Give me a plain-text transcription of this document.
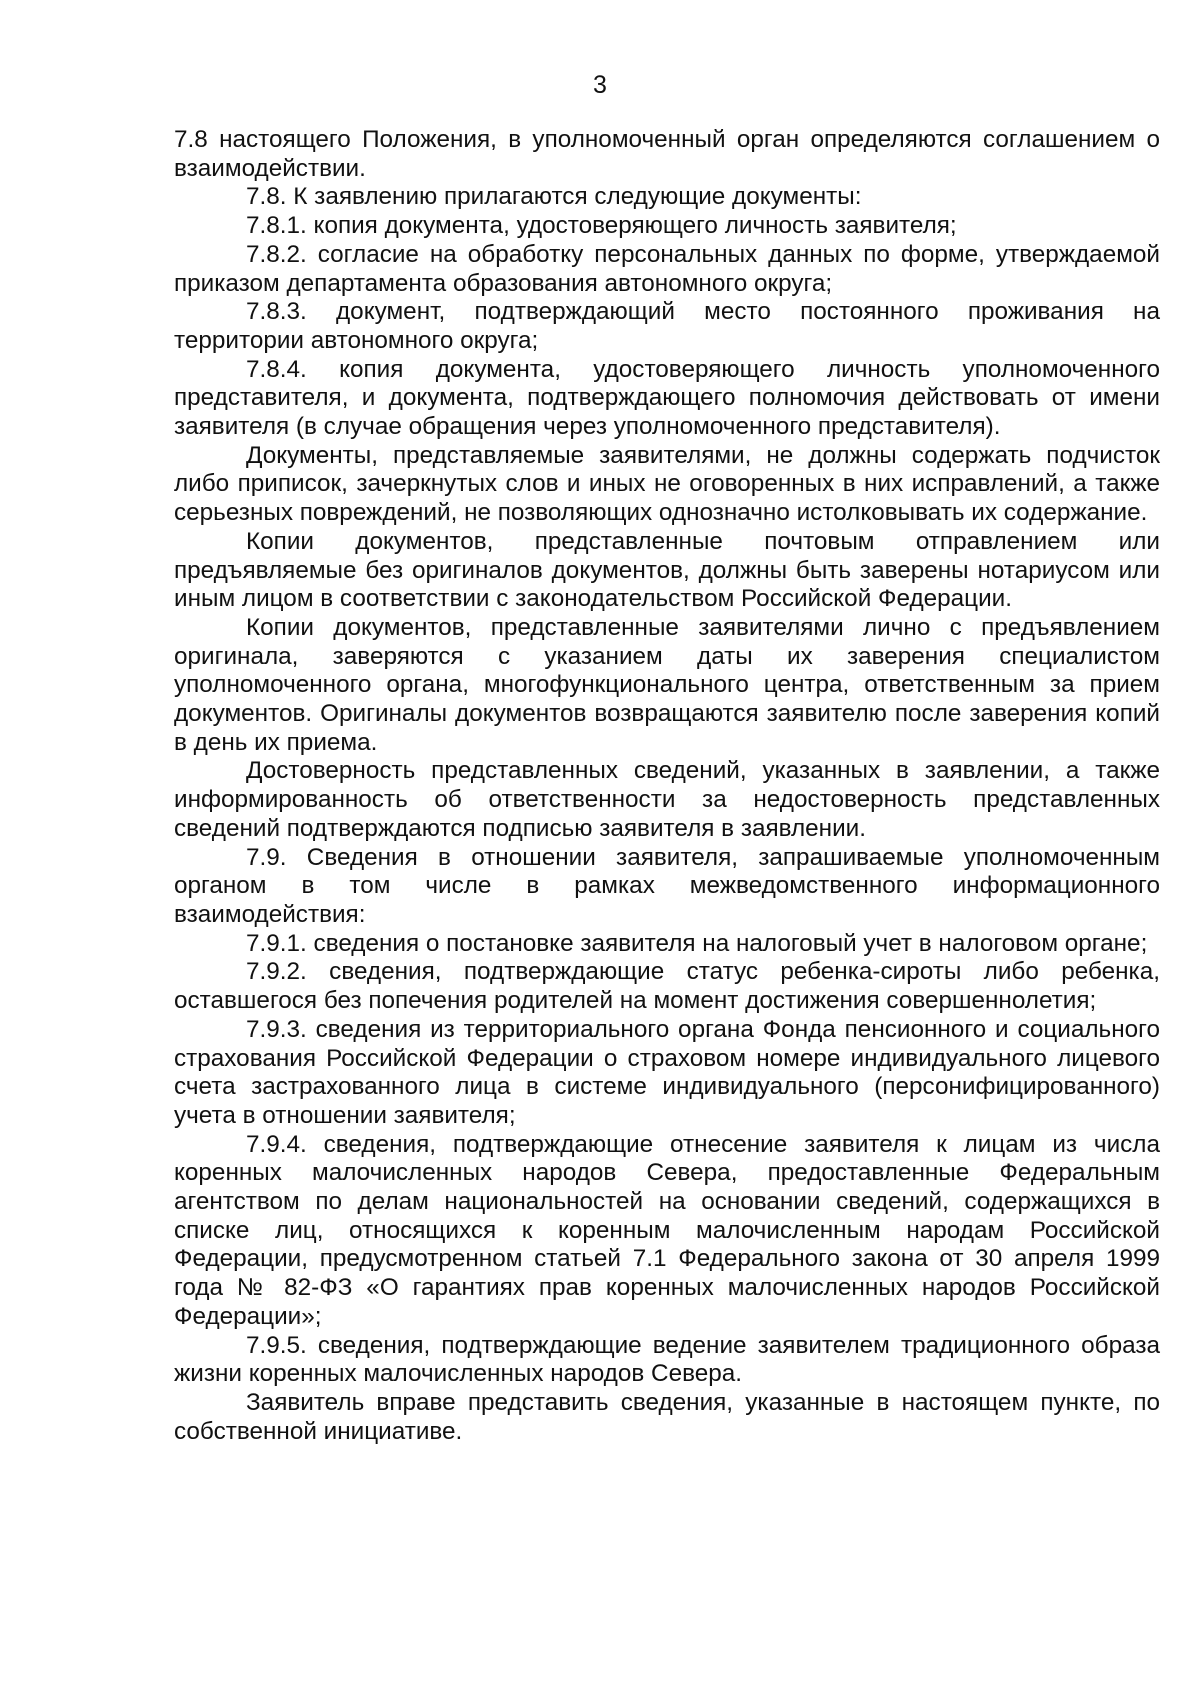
3

7.8 настоящего Положения, в уполномоченный орган определяются соглашением о взаимодействии.

7.8. К заявлению прилагаются следующие документы:

7.8.1. копия документа, удостоверяющего личность заявителя;

7.8.2. согласие на обработку персональных данных по форме, утверждаемой приказом департамента образования автономного округа;

7.8.3. документ, подтверждающий место постоянного проживания на территории автономного округа;

7.8.4. копия документа, удостоверяющего личность уполномоченного представителя, и документа, подтверждающего полномочия действовать от имени заявителя (в случае обращения через уполномоченного представителя).

Документы, представляемые заявителями, не должны содержать подчисток либо приписок, зачеркнутых слов и иных не оговоренных в них исправлений, а также серьезных повреждений, не позволяющих однозначно истолковывать их содержание.

Копии документов, представленные почтовым отправлением или предъявляемые без оригиналов документов, должны быть заверены нотариусом или иным лицом в соответствии с законодательством Российской Федерации.

Копии документов, представленные заявителями лично с предъявлением оригинала, заверяются с указанием даты их заверения специалистом уполномоченного органа, многофункционального центра, ответственным за прием документов. Оригиналы документов возвращаются заявителю после заверения копий в день их приема.

Достоверность представленных сведений, указанных в заявлении, а также информированность об ответственности за недостоверность представленных сведений подтверждаются подписью заявителя в заявлении.

7.9. Сведения в отношении заявителя, запрашиваемые уполномоченным органом в том числе в рамках межведомственного информационного взаимодействия:

7.9.1. сведения о постановке заявителя на налоговый учет в налоговом органе;

7.9.2. сведения, подтверждающие статус ребенка-сироты либо ребенка, оставшегося без попечения родителей на момент достижения совершеннолетия;

7.9.3. сведения из территориального органа Фонда пенсионного и социального страхования Российской Федерации о страховом номере индивидуального лицевого счета застрахованного лица в системе индивидуального (персонифицированного) учета в отношении заявителя;

7.9.4. сведения, подтверждающие отнесение заявителя к лицам из числа коренных малочисленных народов Севера, предоставленные Федеральным агентством по делам национальностей на основании сведений, содержащихся в списке лиц, относящихся к коренным малочисленным народам Российской Федерации, предусмотренном статьей 7.1 Федерального закона от 30 апреля 1999 года № 82-ФЗ «О гарантиях прав коренных малочисленных народов Российской Федерации»;

7.9.5. сведения, подтверждающие ведение заявителем традиционного образа жизни коренных малочисленных народов Севера.

Заявитель вправе представить сведения, указанные в настоящем пункте, по собственной инициативе.
